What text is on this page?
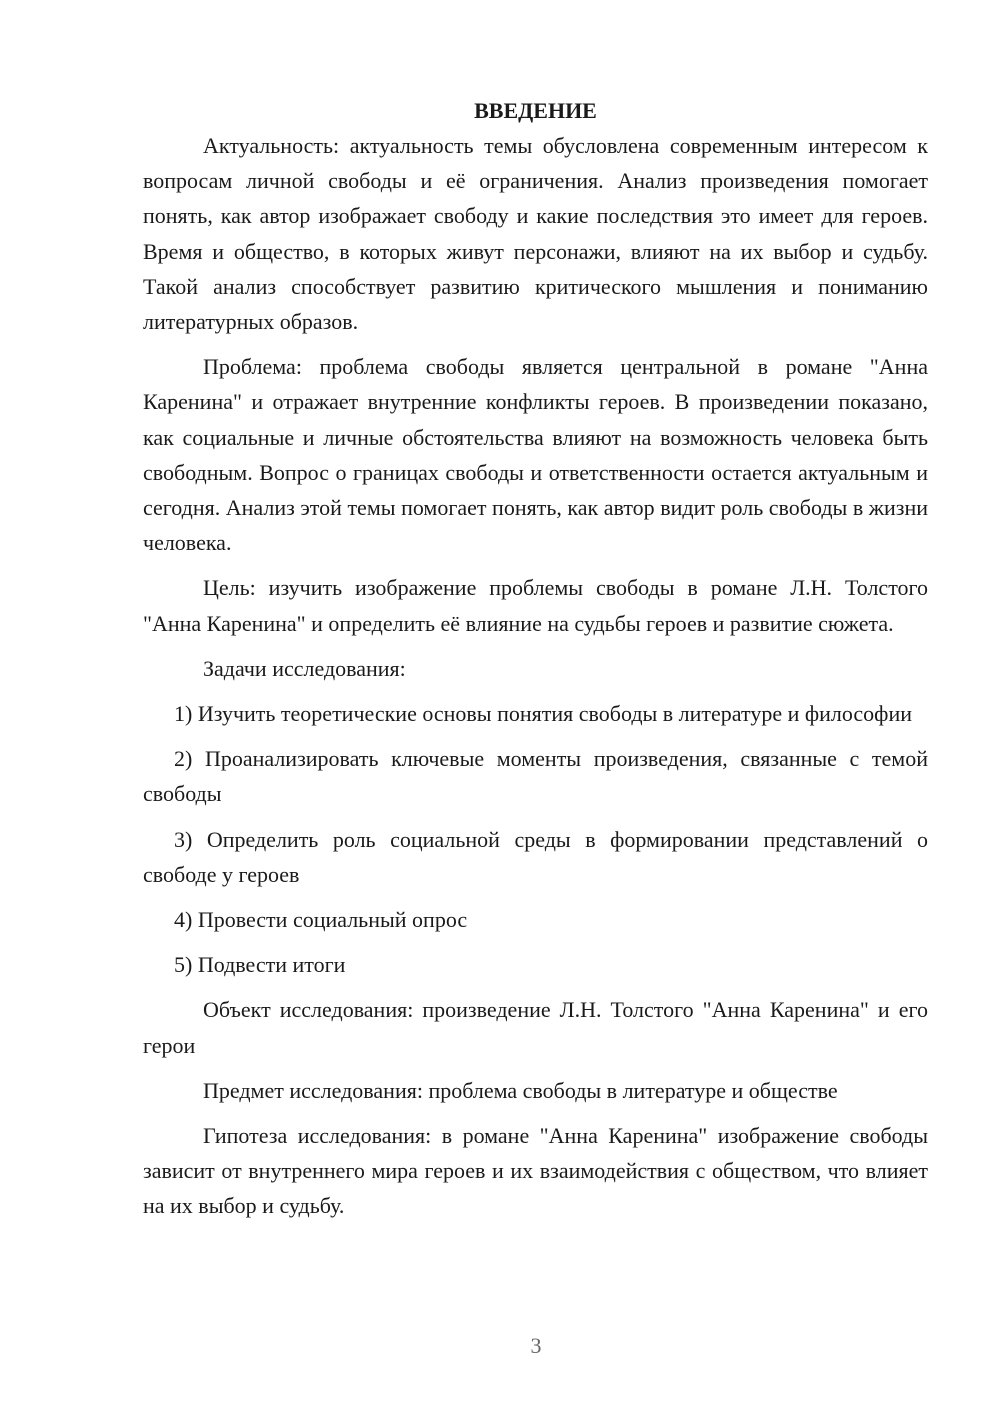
ВВЕДЕНИЕ

Актуальность: актуальность темы обусловлена современным интересом к вопросам личной свободы и её ограничения. Анализ произведения помогает понять, как автор изображает свободу и какие последствия это имеет для героев. Время и общество, в которых живут персонажи, влияют на их выбор и судьбу. Такой анализ способствует развитию критического мышления и пониманию литературных образов.

Проблема: проблема свободы является центральной в романе "Анна Каренина" и отражает внутренние конфликты героев. В произведении показано, как социальные и личные обстоятельства влияют на возможность человека быть свободным. Вопрос о границах свободы и ответственности остается актуальным и сегодня. Анализ этой темы помогает понять, как автор видит роль свободы в жизни человека.

Цель: изучить изображение проблемы свободы в романе Л.Н. Толстого "Анна Каренина" и определить её влияние на судьбы героев и развитие сюжета.

Задачи исследования:

1) Изучить теоретические основы понятия свободы в литературе и философии

2) Проанализировать ключевые моменты произведения, связанные с темой свободы

3) Определить роль социальной среды в формировании представлений о свободе у героев

4) Провести социальный опрос

5) Подвести итоги

Объект исследования: произведение Л.Н. Толстого "Анна Каренина" и его герои

Предмет исследования: проблема свободы в литературе и обществе

Гипотеза исследования: в романе "Анна Каренина" изображение свободы зависит от внутреннего мира героев и их взаимодействия с обществом, что влияет на их выбор и судьбу.

3
